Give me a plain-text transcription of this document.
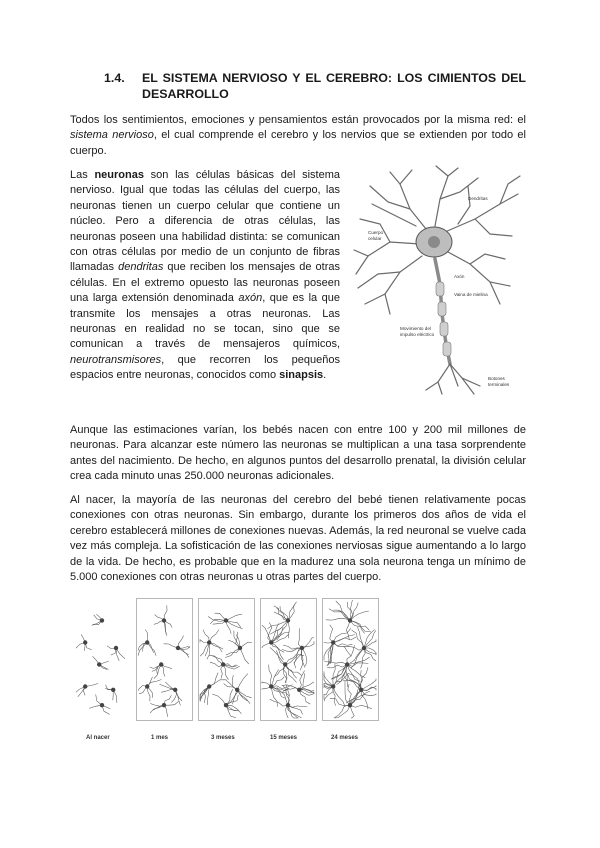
1.4. EL SISTEMA NERVIOSO Y EL CEREBRO: LOS CIMIENTOS DEL DESARROLLO

Todos los sentimientos, emociones y pensamientos están provocados por la misma red: el sistema nervioso, el cual comprende el cerebro y los nervios que se extienden por todo el cuerpo.

Las neuronas son las células básicas del sistema nervioso. Igual que todas las células del cuerpo, las neuronas tienen un cuerpo celular que contiene un núcleo. Pero a diferencia de otras células, las neuronas poseen una habilidad distinta: se comunican con otras células por medio de un conjunto de fibras llamadas dendritas que reciben los mensajes de otras células. En el extremo opuesto las neuronas poseen una larga extensión denominada axón, que es la que transmite los mensajes a otras neuronas. Las neuronas en realidad no se tocan, sino que se comunican a través de mensajeros químicos, neurotransmisores, que recorren los pequeños espacios entre neuronas, conocidos como sinapsis.

Dendritas
Cuerpo
celular
Axón
Vaina de mielina
Movimiento del
impulso eléctrico
Botones
terminales

Aunque las estimaciones varían, los bebés nacen con entre 100 y 200 mil millones de neuronas. Para alcanzar este número las neuronas se multiplican a una tasa sorprendente antes del nacimiento. De hecho, en algunos puntos del desarrollo prenatal, la división celular crea cada minuto unas 250.000 neuronas adicionales.

Al nacer, la mayoría de las neuronas del cerebro del bebé tienen relativamente pocas conexiones con otras neuronas. Sin embargo, durante los primeros dos años de vida el cerebro establecerá millones de conexiones nuevas. Además, la red neuronal se vuelve cada vez más compleja. La sofisticación de las conexiones nerviosas sigue aumentando a lo largo de la vida. De hecho, es probable que en la madurez una sola neurona tenga un mínimo de 5.000 conexiones con otras neuronas u otras partes del cuerpo.

Al nacer	1 mes	3 meses	15 meses	24 meses
